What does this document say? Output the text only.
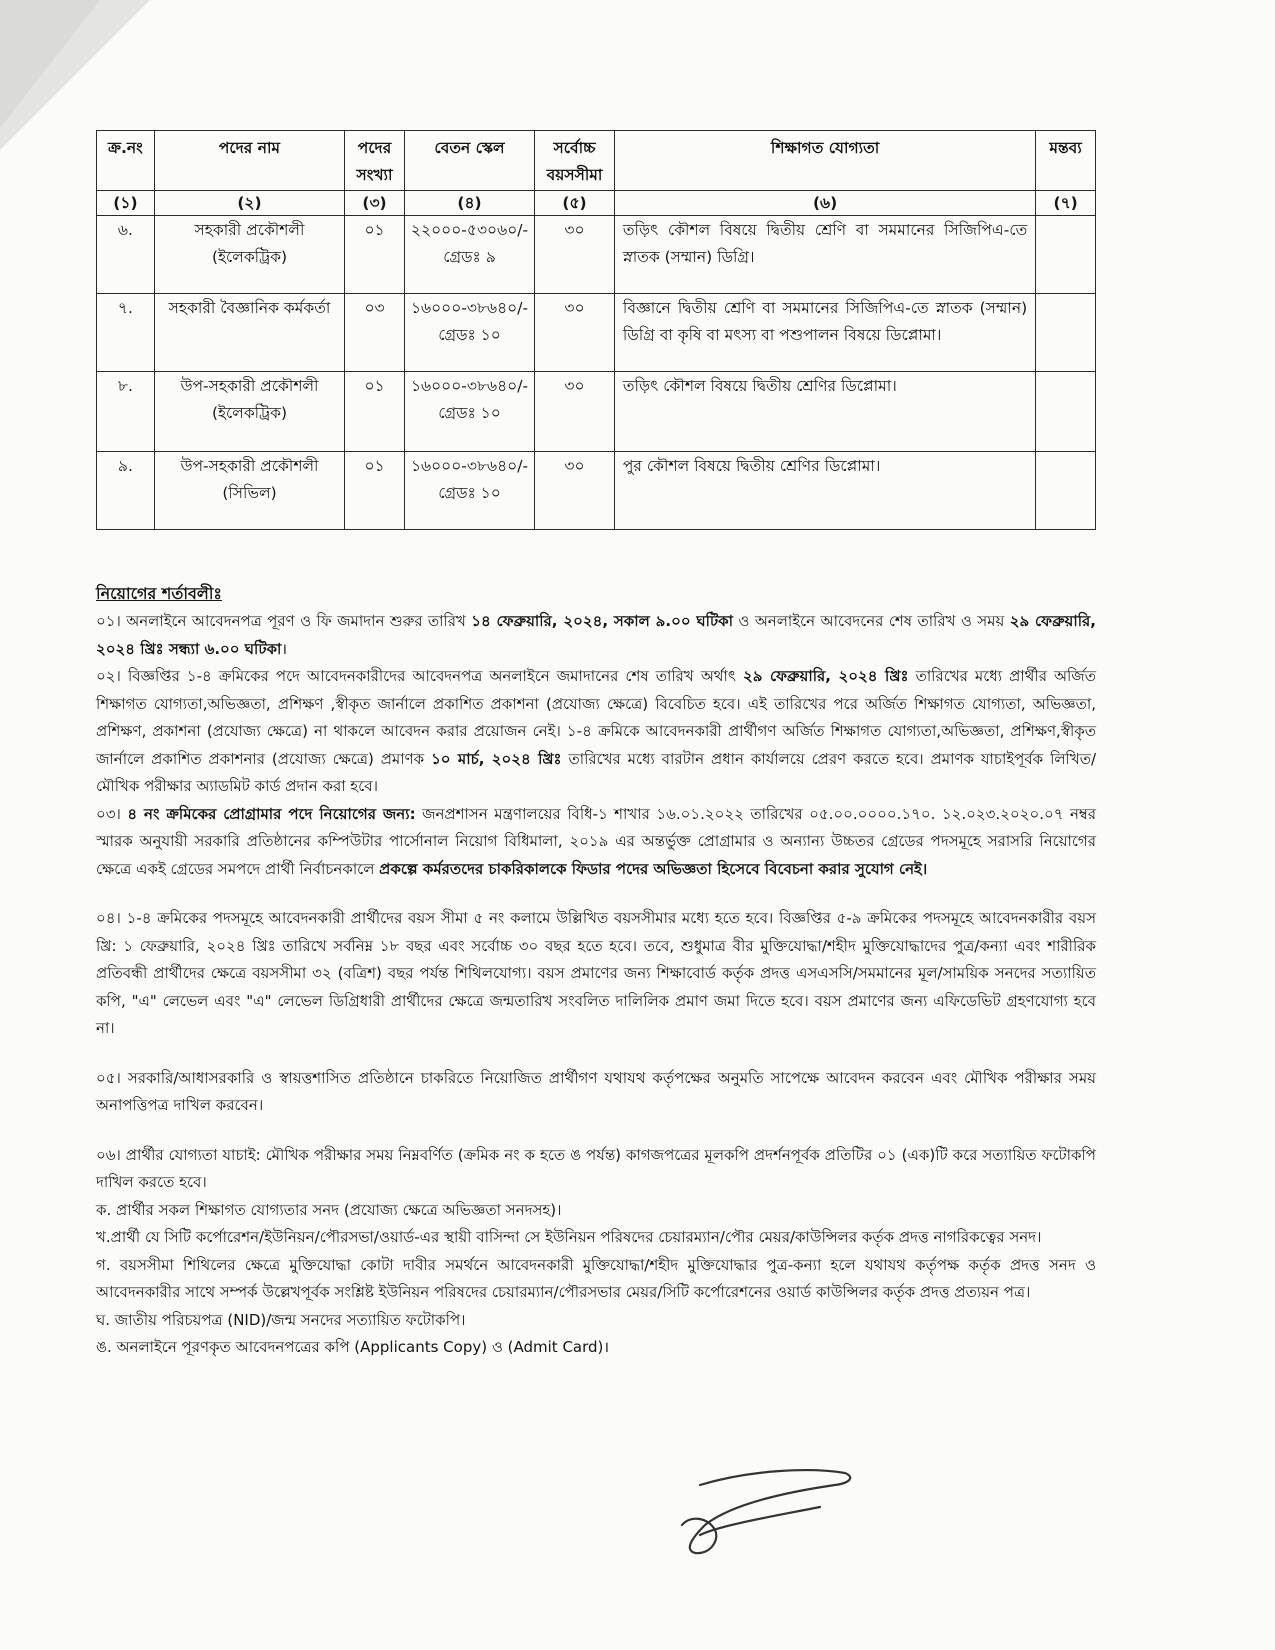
ক্র.নং	পদের নাম	পদের সংখ্যা	বেতন স্কেল	সর্বোচ্চ বয়সসীমা	শিক্ষাগত যোগ্যতা	মন্তব্য
(১)	(২)	(৩)	(৪)	(৫)	(৬)	(৭)
৬.	সহকারী প্রকৌশলী (ইলেকট্রিক)	০১	২২০০০-৫৩০৬০/- গ্রেডঃ ৯	৩০	তড়িৎ কৌশল বিষয়ে দ্বিতীয় শ্রেণি বা সমমানের সিজিপিএ-তে স্নাতক (সম্মান) ডিগ্রি।	
৭.	সহকারী বৈজ্ঞানিক কর্মকর্তা	০৩	১৬০০০-৩৮৬৪০/- গ্রেডঃ ১০	৩০	বিজ্ঞানে দ্বিতীয় শ্রেণি বা সমমানের সিজিপিএ-তে স্নাতক (সম্মান) ডিগ্রি বা কৃষি বা মৎস্য বা পশুপালন বিষয়ে ডিপ্লোমা।	
৮.	উপ-সহকারী প্রকৌশলী (ইলেকট্রিক)	০১	১৬০০০-৩৮৬৪০/- গ্রেডঃ ১০	৩০	তড়িৎ কৌশল বিষয়ে দ্বিতীয় শ্রেণির ডিপ্লোমা।	
৯.	উপ-সহকারী প্রকৌশলী (সিভিল)	০১	১৬০০০-৩৮৬৪০/- গ্রেডঃ ১০	৩০	পুর কৌশল বিষয়ে দ্বিতীয় শ্রেণির ডিপ্লোমা।	
নিয়োগের শর্তাবলীঃ

০১। অনলাইনে আবেদনপত্র পূরণ ও ফি জমাদান শুরুর তারিখ ১৪ ফেব্রুয়ারি, ২০২৪, সকাল ৯.০০ ঘটিকা ও অনলাইনে আবেদনের শেষ তারিখ ও সময় ২৯ ফেব্রুয়ারি, ২০২৪ খ্রিঃ সন্ধ্যা ৬.০০ ঘটিকা।

০২। বিজ্ঞপ্তির ১-৪ ক্রমিকের পদে আবেদনকারীদের আবেদনপত্র অনলাইনে জমাদানের শেষ তারিখ অর্থাৎ ২৯ ফেব্রুয়ারি, ২০২৪ খ্রিঃ তারিখের মধ্যে প্রার্থীর অর্জিত শিক্ষাগত যোগ্যতা,অভিজ্ঞতা, প্রশিক্ষণ ,স্বীকৃত জার্নালে প্রকাশিত প্রকাশনা (প্রযোজ্য ক্ষেত্রে) বিবেচিত হবে। এই তারিখের পরে অর্জিত শিক্ষাগত যোগ্যতা, অভিজ্ঞতা, প্রশিক্ষণ, প্রকাশনা (প্রযোজ্য ক্ষেত্রে) না থাকলে আবেদন করার প্রয়োজন নেই। ১-৪ ক্রমিকে আবেদনকারী প্রার্থীগণ অর্জিত শিক্ষাগত যোগ্যতা,অভিজ্ঞতা, প্রশিক্ষণ,স্বীকৃত জার্নালে প্রকাশিত প্রকাশনার (প্রযোজ্য ক্ষেত্রে) প্রমাণক ১০ মার্চ, ২০২৪ খ্রিঃ তারিখের মধ্যে বারটান প্রধান কার্যালয়ে প্রেরণ করতে হবে। প্রমাণক যাচাইপূর্বক লিখিত/মৌখিক পরীক্ষার অ্যাডমিট কার্ড প্রদান করা হবে।

০৩। ৪ নং ক্রমিকের প্রোগ্রামার পদে নিয়োগের জন্য: জনপ্রশাসন মন্ত্রণালয়ের বিধি-১ শাখার ১৬.০১.২০২২ তারিখের ০৫.০০.০০০০.১৭০. ১২.০২৩.২০২০.০৭ নম্বর স্মারক অনুযায়ী সরকারি প্রতিষ্ঠানের কম্পিউটার পার্সোনাল নিয়োগ বিধিমালা, ২০১৯ এর অন্তর্ভুক্ত প্রোগ্রামার ও অন্যান্য উচ্চতর গ্রেডের পদসমূহে সরাসরি নিয়োগের ক্ষেত্রে একই গ্রেডের সমপদে প্রার্থী নির্বাচনকালে প্রকল্পে কর্মরতদের চাকরিকালকে ফিডার পদের অভিজ্ঞতা হিসেবে বিবেচনা করার সুযোগ নেই।

০৪। ১-৪ ক্রমিকের পদসমূহে আবেদনকারী প্রার্থীদের বয়স সীমা ৫ নং কলামে উল্লিখিত বয়সসীমার মধ্যে হতে হবে। বিজ্ঞপ্তির ৫-৯ ক্রমিকের পদসমূহে আবেদনকারীর বয়স খ্রি: ১ ফেব্রুয়ারি, ২০২৪ খ্রিঃ তারিখে সর্বনিম্ন ১৮ বছর এবং সর্বোচ্চ ৩০ বছর হতে হবে। তবে, শুধুমাত্র বীর মুক্তিযোদ্ধা/শহীদ মুক্তিযোদ্ধাদের পুত্র/কন্যা এবং শারীরিক প্রতিবন্ধী প্রার্থীদের ক্ষেত্রে বয়সসীমা ৩২ (বত্রিশ) বছর পর্যন্ত শিথিলযোগ্য। বয়স প্রমাণের জন্য শিক্ষাবোর্ড কর্তৃক প্রদত্ত এসএসসি/সমমানের মূল/সাময়িক সনদের সত্যায়িত কপি, "এ" লেভেল এবং "এ" লেভেল ডিগ্রিধারী প্রার্থীদের ক্ষেত্রে জন্মতারিখ সংবলিত দালিলিক প্রমাণ জমা দিতে হবে। বয়স প্রমাণের জন্য এফিডেভিট গ্রহণযোগ্য হবে না।

০৫। সরকারি/আধাসরকারি ও স্বায়ত্তশাসিত প্রতিষ্ঠানে চাকরিতে নিয়োজিত প্রার্থীগণ যথাযথ কর্তৃপক্ষের অনুমতি সাপেক্ষে আবেদন করবেন এবং মৌখিক পরীক্ষার সময় অনাপত্তিপত্র দাখিল করবেন।

০৬। প্রার্থীর যোগ্যতা যাচাই: মৌখিক পরীক্ষার সময় নিম্নবর্ণিত (ক্রমিক নং ক হতে ঙ পর্যন্ত) কাগজপত্রের মূলকপি প্রদর্শনপূর্বক প্রতিটির ০১ (এক)টি করে সত্যায়িত ফটোকপি দাখিল করতে হবে।

ক. প্রার্থীর সকল শিক্ষাগত যোগ্যতার সনদ (প্রযোজ্য ক্ষেত্রে অভিজ্ঞতা সনদসহ)।

খ.প্রার্থী যে সিটি কর্পোরেশন/ইউনিয়ন/পৌরসভা/ওয়ার্ড-এর স্থায়ী বাসিন্দা সে ইউনিয়ন পরিষদের চেয়ারম্যান/পৌর মেয়র/কাউন্সিলর কর্তৃক প্রদত্ত নাগরিকত্বের সনদ।

গ. বয়সসীমা শিথিলের ক্ষেত্রে মুক্তিযোদ্ধা কোটা দাবীর সমর্থনে আবেদনকারী মুক্তিযোদ্ধা/শহীদ মুক্তিযোদ্ধার পুত্র-কন্যা হলে যথাযথ কর্তৃপক্ষ কর্তৃক প্রদত্ত সনদ ও আবেদনকারীর সাথে সম্পর্ক উল্লেখপূর্বক সংশ্লিষ্ট ইউনিয়ন পরিষদের চেয়ারম্যান/পৌরসভার মেয়র/সিটি কর্পোরেশনের ওয়ার্ড কাউন্সিলর কর্তৃক প্রদত্ত প্রত্যয়ন পত্র।

ঘ. জাতীয় পরিচয়পত্র (NID)/জন্ম সনদের সত্যায়িত ফটোকপি।

ঙ. অনলাইনে পূরণকৃত আবেদনপত্রের কপি (Applicants Copy) ও (Admit Card)।
